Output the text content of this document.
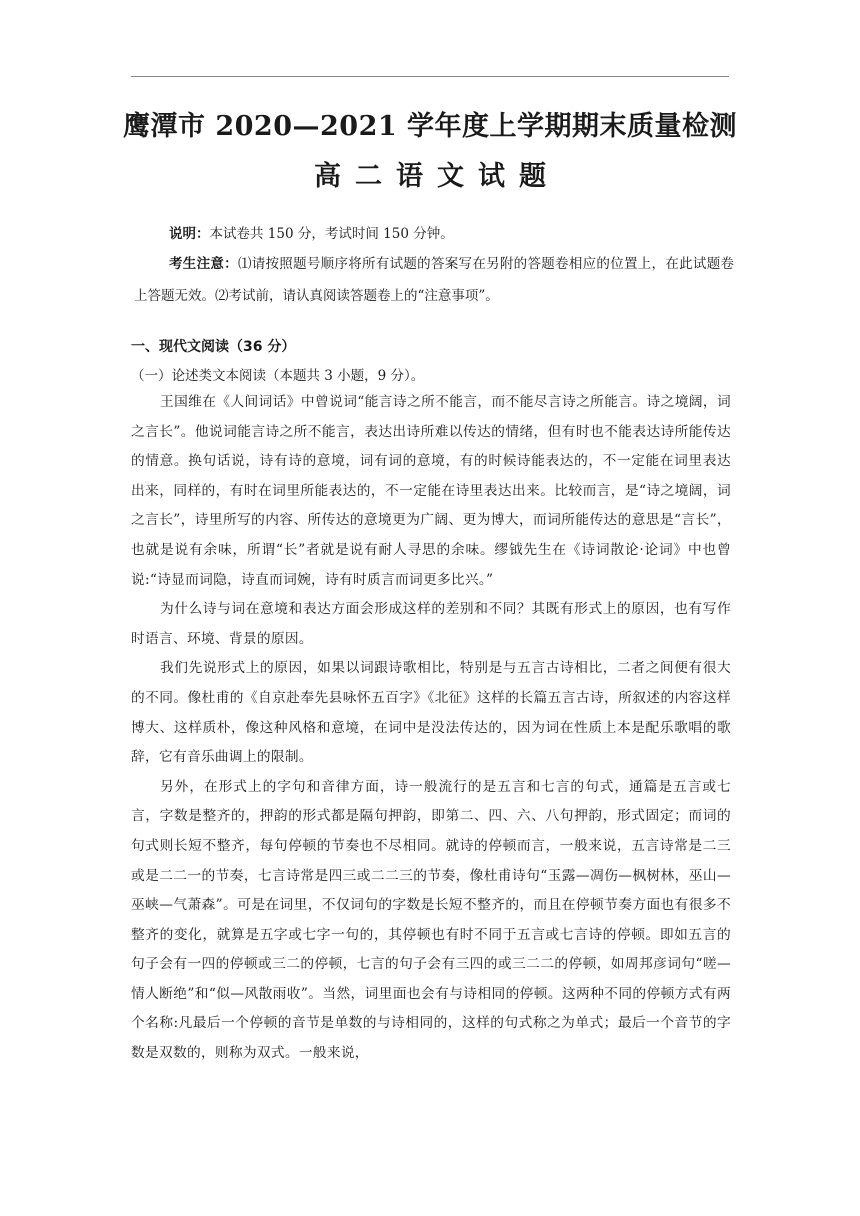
鹰潭市 2020—2021 学年度上学期期末质量检测
高二语文试题
说明：本试卷共 150 分，考试时间 150 分钟。
考生注意：⑴请按照题号顺序将所有试题的答案写在另附的答题卷相应的位置上，在此试题卷上答题无效。⑵考试前，请认真阅读答题卷上的“注意事项”。
一、现代文阅读（36 分）
（一）论述类文本阅读（本题共 3 小题，9 分）。

王国维在《人间词话》中曾说词“能言诗之所不能言，而不能尽言诗之所能言。诗之境阔，词之言长”。他说词能言诗之所不能言，表达出诗所难以传达的情绪，但有时也不能表达诗所能传达的情意。换句话说，诗有诗的意境，词有词的意境，有的时候诗能表达的，不一定能在词里表达出来，同样的，有时在词里所能表达的，不一定能在诗里表达出来。比较而言，是“诗之境阔，词之言长”，诗里所写的内容、所传达的意境更为广阔、更为博大，而词所能传达的意思是“言长”，也就是说有余味，所谓“长”者就是说有耐人寻思的余味。缪钺先生在《诗词散论·论词》中也曾说:“诗显而词隐，诗直而词婉，诗有时质言而词更多比兴。”

为什么诗与词在意境和表达方面会形成这样的差别和不同？其既有形式上的原因，也有写作时语言、环境、背景的原因。

我们先说形式上的原因，如果以词跟诗歌相比，特别是与五言古诗相比，二者之间便有很大的不同。像杜甫的《自京赴奉先县咏怀五百字》《北征》这样的长篇五言古诗，所叙述的内容这样博大、这样质朴，像这种风格和意境，在词中是没法传达的，因为词在性质上本是配乐歌唱的歌辞，它有音乐曲调上的限制。

另外，在形式上的字句和音律方面，诗一般流行的是五言和七言的句式，通篇是五言或七言，字数是整齐的，押韵的形式都是隔句押韵，即第二、四、六、八句押韵，形式固定；而词的句式则长短不整齐，每句停顿的节奏也不尽相同。就诗的停顿而言，一般来说，五言诗常是二三或是二二一的节奏，七言诗常是四三或二二三的节奏，像杜甫诗句“玉露—凋伤—枫树林，巫山—巫峡—气萧森”。可是在词里，不仅词句的字数是长短不整齐的，而且在停顿节奏方面也有很多不整齐的变化，就算是五字或七字一句的，其停顿也有时不同于五言或七言诗的停顿。即如五言的句子会有一四的停顿或三二的停顿，七言的句子会有三四的或三二二的停顿，如周邦彦词句“嗟—情人断绝”和“似—风散雨收”。当然，词里面也会有与诗相同的停顿。这两种不同的停顿方式有两个名称:凡最后一个停顿的音节是单数的与诗相同的，这样的句式称之为单式；最后一个音节的字数是双数的，则称为双式。一般来说，
